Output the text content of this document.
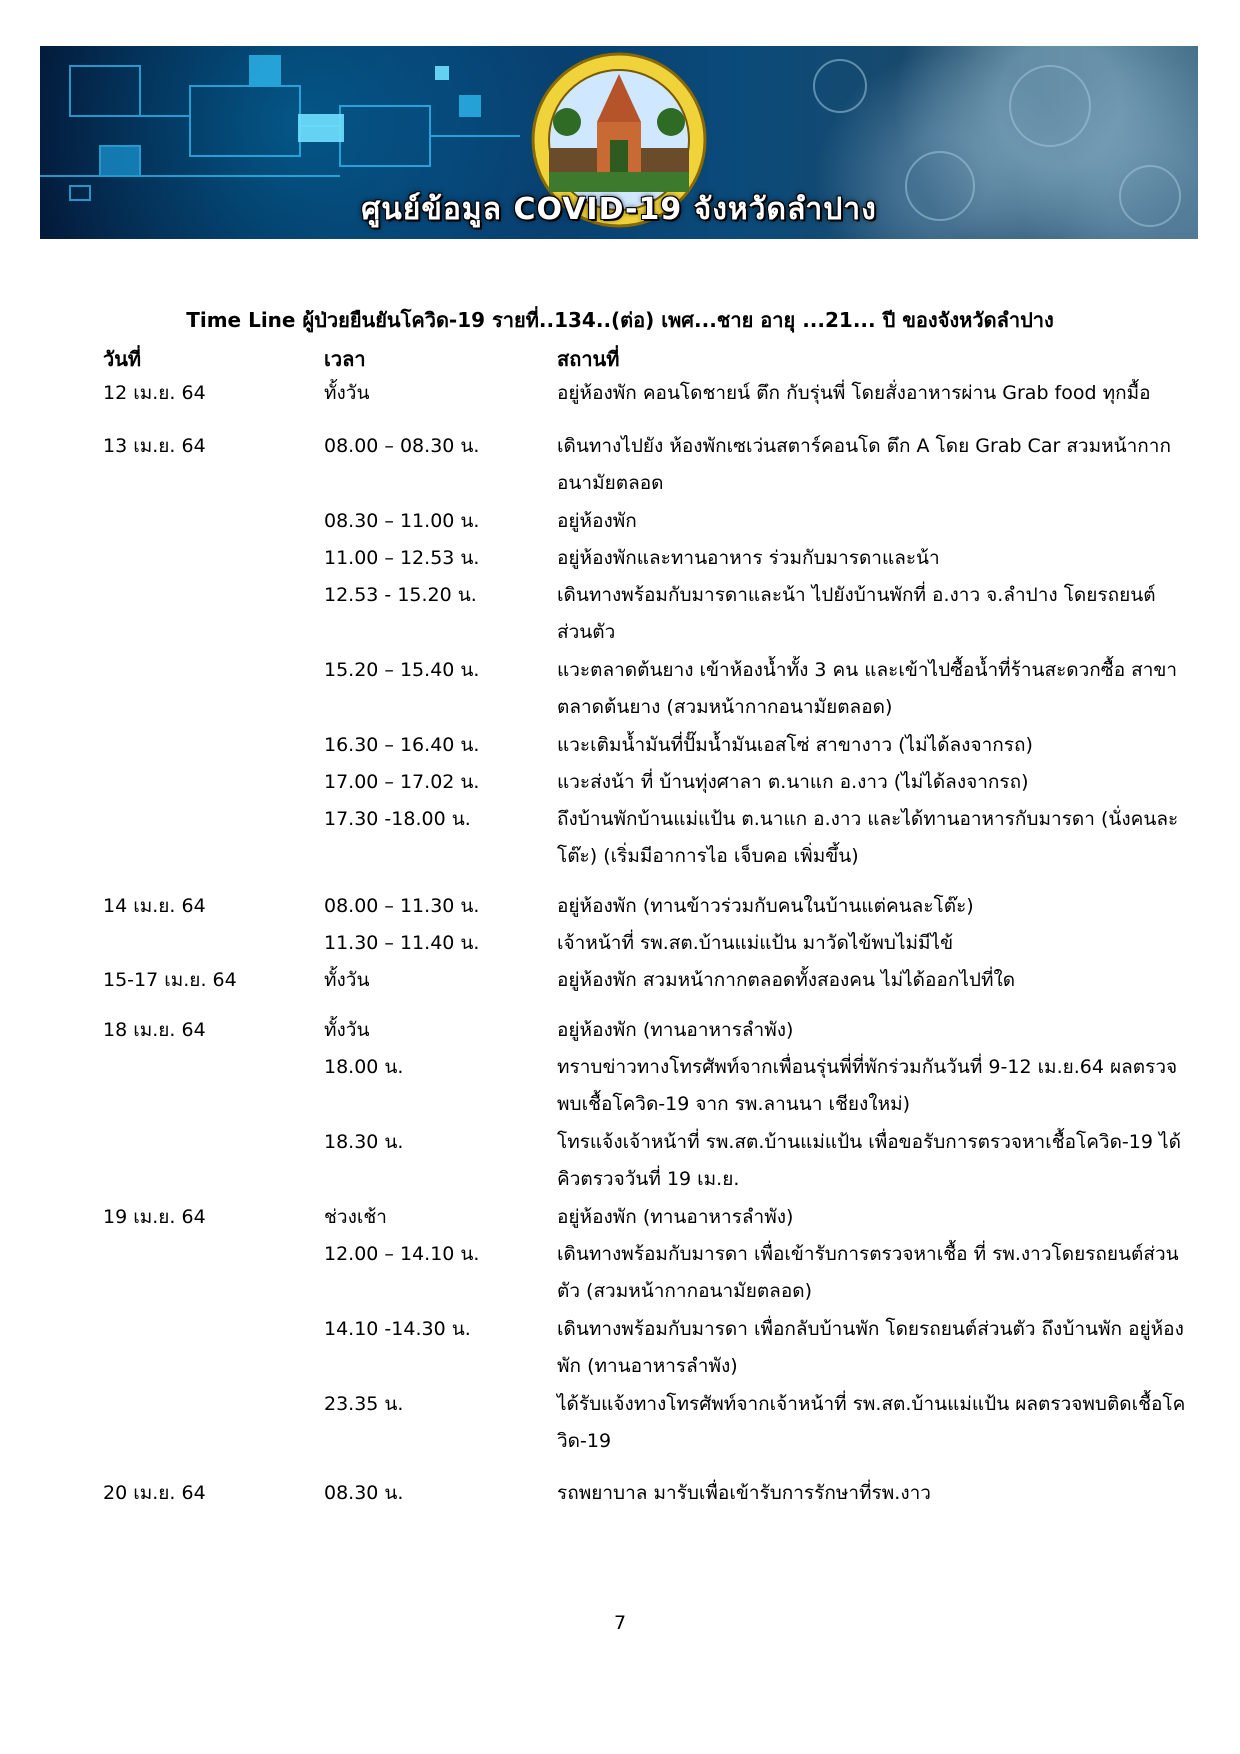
ศูนย์ข้อมูล COVID-19 จังหวัดลำปาง
Time Line ผู้ป่วยยืนยันโควิด-19 รายที่..134..(ต่อ) เพศ...ชาย อายุ ...21... ปี ของจังหวัดลำปาง
วันที่	เวลา	สถานที่
12 เม.ย. 64	ทั้งวัน	อยู่ห้องพัก คอนโดชายน์ ตึก กับรุ่นพี่ โดยสั่งอาหารผ่าน Grab food ทุกมื้อ
13 เม.ย. 64	08.00 – 08.30 น.	เดินทางไปยัง ห้องพักเซเว่นสตาร์คอนโด ตึก A โดย Grab Car สวมหน้ากากอนามัยตลอด
08.30 – 11.00 น.	อยู่ห้องพัก
11.00 – 12.53 น.	อยู่ห้องพักและทานอาหาร ร่วมกับมารดาและน้า
12.53 - 15.20 น.	เดินทางพร้อมกับมารดาและน้า ไปยังบ้านพักที่ อ.งาว จ.ลำปาง โดยรถยนต์ส่วนตัว
15.20 – 15.40 น.	แวะตลาดต้นยาง เข้าห้องน้ำทั้ง 3 คน และเข้าไปซื้อน้ำที่ร้านสะดวกซื้อ สาขาตลาดต้นยาง (สวมหน้ากากอนามัยตลอด)
16.30 – 16.40 น.	แวะเติมน้ำมันที่ปั๊มน้ำมันเอสโซ่ สาขางาว (ไม่ได้ลงจากรถ)
17.00 – 17.02 น.	แวะส่งน้า ที่ บ้านทุ่งศาลา ต.นาแก อ.งาว (ไม่ได้ลงจากรถ)
17.30 -18.00 น.	ถึงบ้านพักบ้านแม่แป้น ต.นาแก อ.งาว และได้ทานอาหารกับมารดา (นั่งคนละโต๊ะ) (เริ่มมีอาการไอ เจ็บคอ เพิ่มขึ้น)
14 เม.ย. 64	08.00 – 11.30 น.	อยู่ห้องพัก (ทานข้าวร่วมกับคนในบ้านแต่คนละโต๊ะ)
11.30 – 11.40 น.	เจ้าหน้าที่ รพ.สต.บ้านแม่แป้น มาวัดไข้พบไม่มีไข้
15-17 เม.ย. 64	ทั้งวัน	อยู่ห้องพัก สวมหน้ากากตลอดทั้งสองคน ไม่ได้ออกไปที่ใด
18 เม.ย. 64	ทั้งวัน	อยู่ห้องพัก (ทานอาหารลำพัง)
18.00 น.	ทราบข่าวทางโทรศัพท์จากเพื่อนรุ่นพี่ที่พักร่วมกันวันที่ 9-12 เม.ย.64 ผลตรวจพบเชื้อโควิด-19 จาก รพ.ลานนา เชียงใหม่)
18.30 น.	โทรแจ้งเจ้าหน้าที่ รพ.สต.บ้านแม่แป้น เพื่อขอรับการตรวจหาเชื้อโควิด-19 ได้คิวตรวจวันที่ 19 เม.ย.
19 เม.ย. 64	ช่วงเช้า	อยู่ห้องพัก (ทานอาหารลำพัง)
12.00 – 14.10 น.	เดินทางพร้อมกับมารดา เพื่อเข้ารับการตรวจหาเชื้อ ที่ รพ.งาวโดยรถยนต์ส่วนตัว (สวมหน้ากากอนามัยตลอด)
14.10 -14.30 น.	เดินทางพร้อมกับมารดา เพื่อกลับบ้านพัก โดยรถยนต์ส่วนตัว ถึงบ้านพัก อยู่ห้องพัก (ทานอาหารลำพัง)
23.35 น.	ได้รับแจ้งทางโทรศัพท์จากเจ้าหน้าที่ รพ.สต.บ้านแม่แป้น ผลตรวจพบติดเชื้อโควิด-19
20 เม.ย. 64	08.30 น.	รถพยาบาล มารับเพื่อเข้ารับการรักษาที่รพ.งาว
7
